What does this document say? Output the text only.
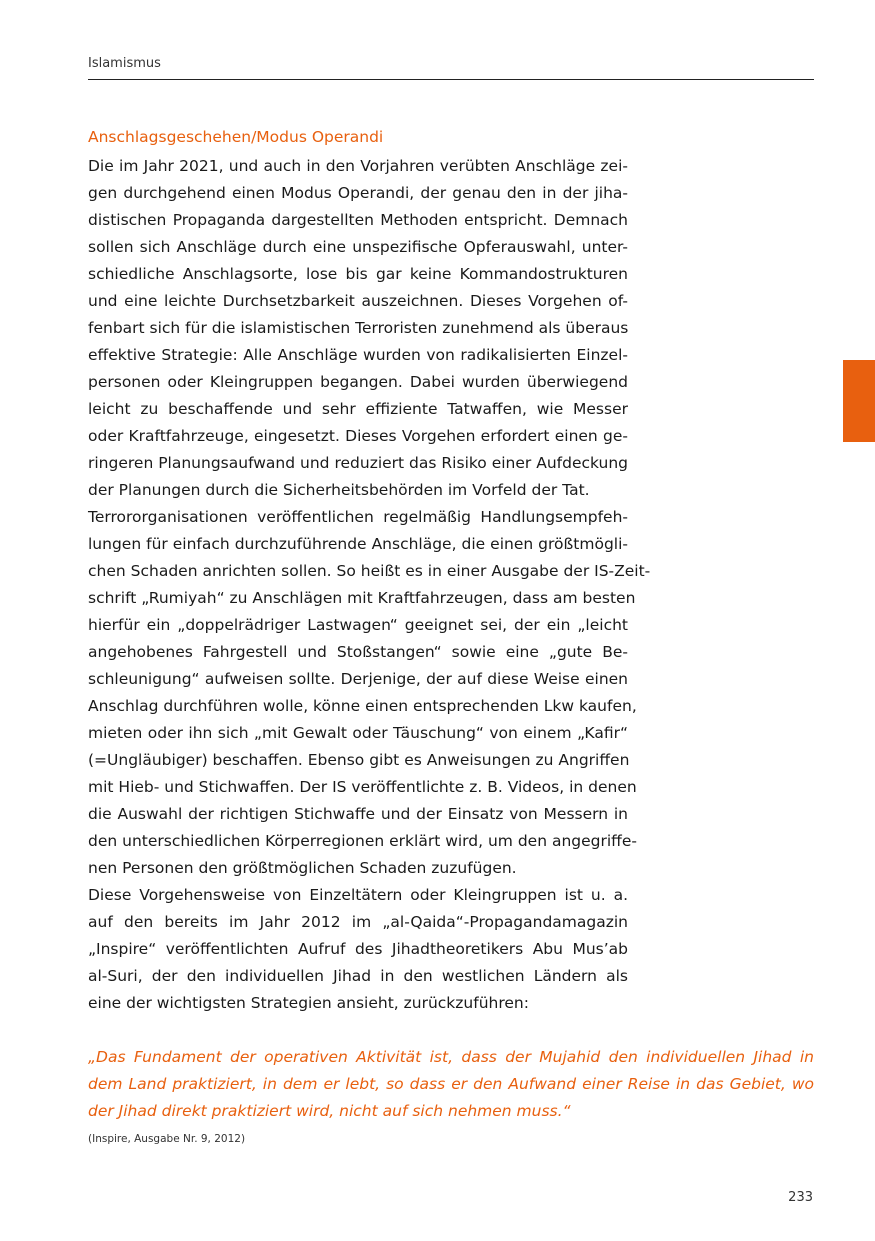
Islamismus
Anschlagsgeschehen/Modus Operandi
Die im Jahr 2021, und auch in den Vorjahren verübten Anschläge zei-
gen durchgehend einen Modus Operandi, der genau den in der jiha-
distischen Propaganda dargestellten Methoden entspricht. Demnach
sollen sich Anschläge durch eine unspezifische Opferauswahl, unter-
schiedliche Anschlagsorte, lose bis gar keine Kommandostrukturen
und eine leichte Durchsetzbarkeit auszeichnen. Dieses Vorgehen of-
fenbart sich für die islamistischen Terroristen zunehmend als überaus
effektive Strategie: Alle Anschläge wurden von radikalisierten Einzel-
personen oder Kleingruppen begangen. Dabei wurden überwiegend
leicht zu beschaffende und sehr effiziente Tatwaffen, wie Messer
oder Kraftfahrzeuge, eingesetzt. Dieses Vorgehen erfordert einen ge-
ringeren Planungsaufwand und reduziert das Risiko einer Aufdeckung
der Planungen durch die Sicherheitsbehörden im Vorfeld der Tat.
Terrororganisationen veröffentlichen regelmäßig Handlungsempfeh-
lungen für einfach durchzuführende Anschläge, die einen größtmögli-
chen Schaden anrichten sollen. So heißt es in einer Ausgabe der IS-Zeit-
schrift „Rumiyah“ zu Anschlägen mit Kraftfahrzeugen, dass am besten
hierfür ein „doppelrädriger Lastwagen“ geeignet sei, der ein „leicht
angehobenes Fahrgestell und Stoßstangen“ sowie eine „gute Be-
schleunigung“ aufweisen sollte. Derjenige, der auf diese Weise einen
Anschlag durchführen wolle, könne einen entsprechenden Lkw kaufen,
mieten oder ihn sich „mit Gewalt oder Täuschung“ von einem „Kafir“
(=Ungläubiger) beschaffen. Ebenso gibt es Anweisungen zu Angriffen
mit Hieb- und Stichwaffen. Der IS veröffentlichte z. B. Videos, in denen
die Auswahl der richtigen Stichwaffe und der Einsatz von Messern in
den unterschiedlichen Körperregionen erklärt wird, um den angegriffe-
nen Personen den größtmöglichen Schaden zuzufügen.
Diese Vorgehensweise von Einzeltätern oder Kleingruppen ist u. a.
auf den bereits im Jahr 2012 im „al-Qaida“-Propagandamagazin
„Inspire“ veröffentlichten Aufruf des Jihadtheoretikers Abu Mus’ab
al-Suri, der den individuellen Jihad in den westlichen Ländern als
eine der wichtigsten Strategien ansieht, zurückzuführen:
„Das Fundament der operativen Aktivität ist, dass der Mujahid den individuellen Jihad in
dem Land praktiziert, in dem er lebt, so dass er den Aufwand einer Reise in das Gebiet, wo
der Jihad direkt praktiziert wird, nicht auf sich nehmen muss.“
(Inspire, Ausgabe Nr. 9, 2012)
233
